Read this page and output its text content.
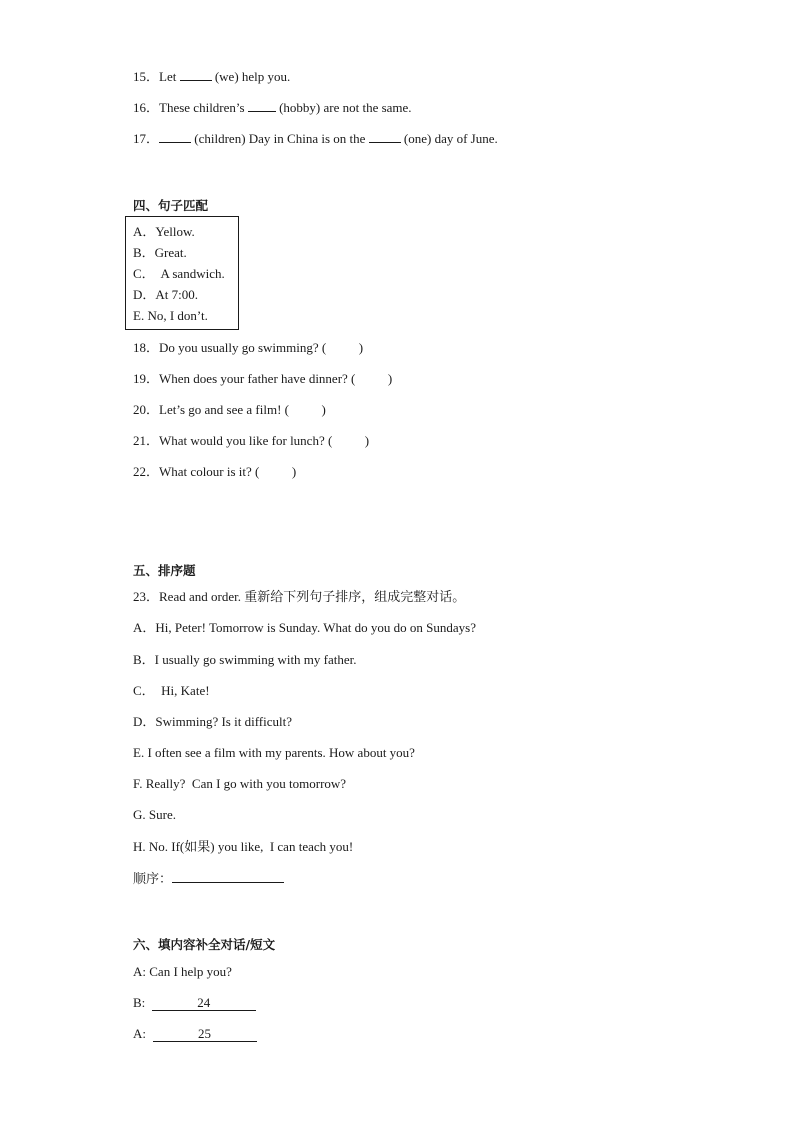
15．Let  (we) help you.
16．These children’s  (hobby) are not the same.
17． (children) Day in China is on the  (one) day of June.
四、句子匹配
A．Yellow.
B．Great.
C．  A sandwich.
D．At 7:00.
E. No, I don’t.
18．Do you usually go swimming? (          )
19．When does your father have dinner? (          )
20．Let’s go and see a film! (          )
21．What would you like for lunch? (          )
22．What colour is it? (          )
五、排序题
23．Read and order. 重新给下列句子排序，组成完整对话。
A．Hi, Peter! Tomorrow is Sunday. What do you do on Sundays?
B．I usually go swimming with my father.
C．  Hi, Kate!
D．Swimming? Is it difficult?
E. I often see a film with my parents. How about you?
F. Really?  Can I go with you tomorrow?
G. Sure.
H. No. If(如果) you like,  I can teach you!
顺序：
六、填内容补全对话/短文
A: Can I help you?
B:	24
A:	25
